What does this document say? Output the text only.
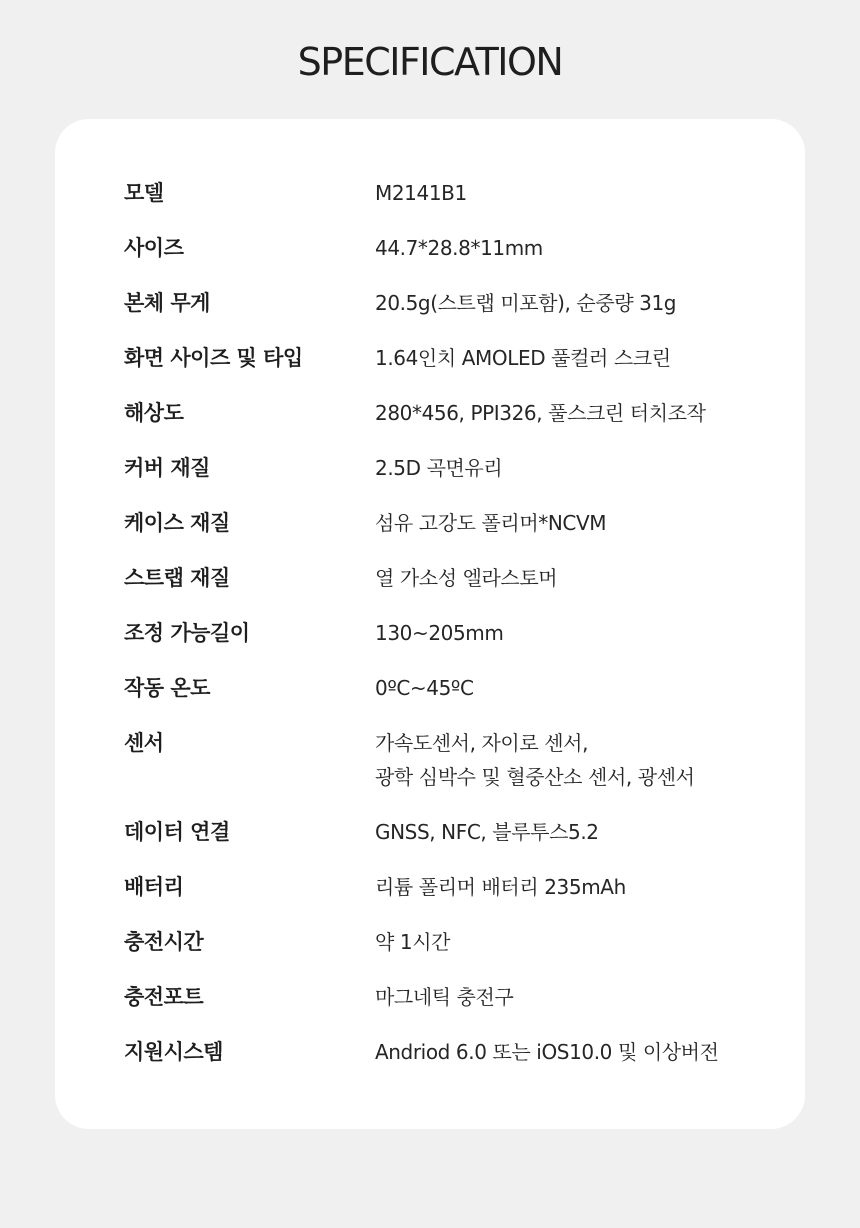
SPECIFICATION
모델	M2141B1
사이즈	44.7*28.8*11mm
본체 무게	20.5g(스트랩 미포함), 순중량 31g
화면 사이즈 및 타입	1.64인치 AMOLED 풀컬러 스크린
해상도	280*456, PPI326, 풀스크린 터치조작
커버 재질	2.5D 곡면유리
케이스 재질	섬유 고강도 폴리머*NCVM
스트랩 재질	열 가소성 엘라스토머
조정 가능길이	130~205mm
작동 온도	0ºC~45ºC
센서	가속도센서, 자이로 센서,
광학 심박수 및 혈중산소 센서, 광센서
데이터 연결	GNSS, NFC, 블루투스5.2
배터리	리튬 폴리머 배터리 235mAh
충전시간	약 1시간
충전포트	마그네틱 충전구
지원시스템	Andriod 6.0 또는 iOS10.0 및 이상버전
